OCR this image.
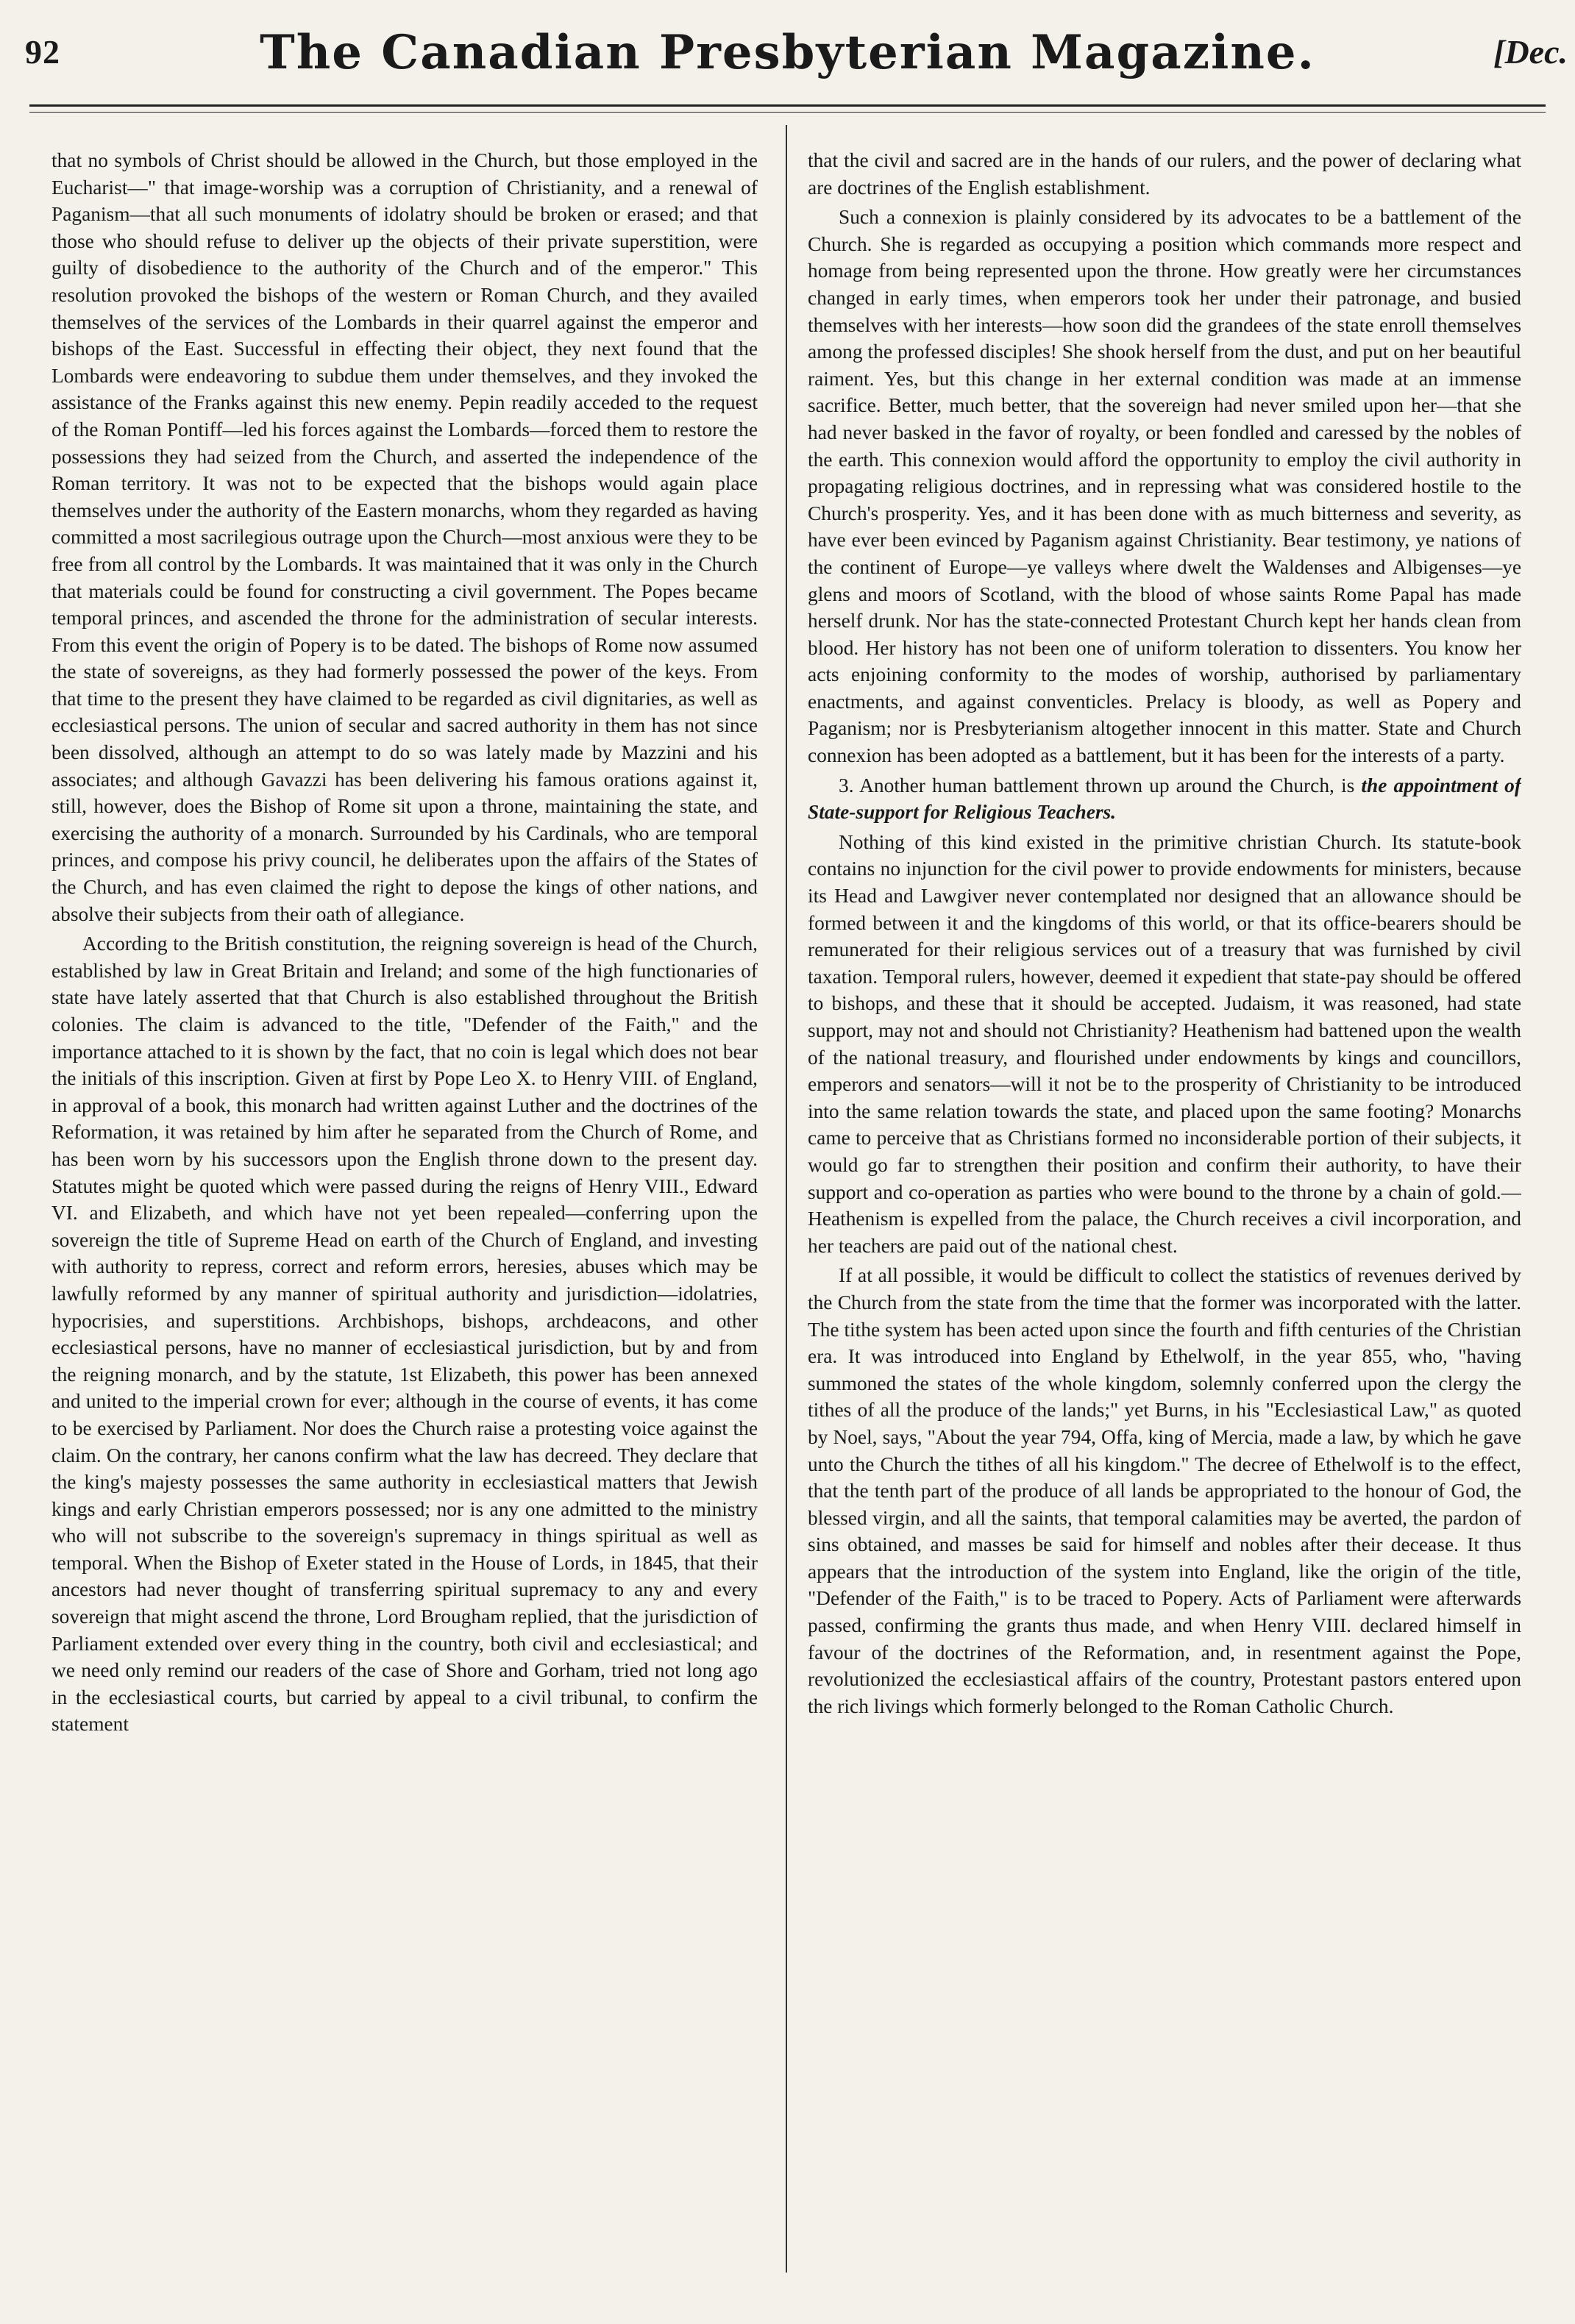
92	The Canadian Presbyterian Magazine.	[Dec.

that no symbols of Christ should be allowed in the Church, but those employed in the Eucharist—" that image-worship was a corruption of Christianity, and a renewal of Paganism—that all such monuments of idolatry should be broken or erased; and that those who should refuse to deliver up the objects of their private superstition, were guilty of disobedience to the authority of the Church and of the emperor." This resolution provoked the bishops of the western or Roman Church, and they availed themselves of the services of the Lombards in their quarrel against the emperor and bishops of the East. Successful in effecting their object, they next found that the Lombards were endeavoring to subdue them under themselves, and they invoked the assistance of the Franks against this new enemy. Pepin readily acceded to the request of the Roman Pontiff—led his forces against the Lombards—forced them to restore the possessions they had seized from the Church, and asserted the independence of the Roman territory. It was not to be expected that the bishops would again place themselves under the authority of the Eastern monarchs, whom they regarded as having committed a most sacrilegious outrage upon the Church—most anxious were they to be free from all control by the Lombards. It was maintained that it was only in the Church that materials could be found for constructing a civil government. The Popes became temporal princes, and ascended the throne for the administration of secular interests. From this event the origin of Popery is to be dated. The bishops of Rome now assumed the state of sovereigns, as they had formerly possessed the power of the keys. From that time to the present they have claimed to be regarded as civil dignitaries, as well as ecclesiastical persons. The union of secular and sacred authority in them has not since been dissolved, although an attempt to do so was lately made by Mazzini and his associates; and although Gavazzi has been delivering his famous orations against it, still, however, does the Bishop of Rome sit upon a throne, maintaining the state, and exercising the authority of a monarch. Surrounded by his Cardinals, who are temporal princes, and compose his privy council, he deliberates upon the affairs of the States of the Church, and has even claimed the right to depose the kings of other nations, and absolve their subjects from their oath of allegiance.

According to the British constitution, the reigning sovereign is head of the Church, established by law in Great Britain and Ireland; and some of the high functionaries of state have lately asserted that that Church is also established throughout the British colonies. The claim is advanced to the title, "Defender of the Faith," and the importance attached to it is shown by the fact, that no coin is legal which does not bear the initials of this inscription. Given at first by Pope Leo X. to Henry VIII. of England, in approval of a book, this monarch had written against Luther and the doctrines of the Reformation, it was retained by him after he separated from the Church of Rome, and has been worn by his successors upon the English throne down to the present day. Statutes might be quoted which were passed during the reigns of Henry VIII., Edward VI. and Elizabeth, and which have not yet been repealed—conferring upon the sovereign the title of Supreme Head on earth of the Church of England, and investing with authority to repress, correct and reform errors, heresies, abuses which may be lawfully reformed by any manner of spiritual authority and jurisdiction—idolatries, hypocrisies, and superstitions. Archbishops, bishops, archdeacons, and other ecclesiastical persons, have no manner of ecclesiastical jurisdiction, but by and from the reigning monarch, and by the statute, 1st Elizabeth, this power has been annexed and united to the imperial crown for ever; although in the course of events, it has come to be exercised by Parliament. Nor does the Church raise a protesting voice against the claim. On the contrary, her canons confirm what the law has decreed. They declare that the king's majesty possesses the same authority in ecclesiastical matters that Jewish kings and early Christian emperors possessed; nor is any one admitted to the ministry who will not subscribe to the sovereign's supremacy in things spiritual as well as temporal. When the Bishop of Exeter stated in the House of Lords, in 1845, that their ancestors had never thought of transferring spiritual supremacy to any and every sovereign that might ascend the throne, Lord Brougham replied, that the jurisdiction of Parliament extended over every thing in the country, both civil and ecclesiastical; and we need only remind our readers of the case of Shore and Gorham, tried not long ago in the ecclesiastical courts, but carried by appeal to a civil tribunal, to confirm the statement

that the civil and sacred are in the hands of our rulers, and the power of declaring what are doctrines of the English establishment.

Such a connexion is plainly considered by its advocates to be a battlement of the Church. She is regarded as occupying a position which commands more respect and homage from being represented upon the throne. How greatly were her circumstances changed in early times, when emperors took her under their patronage, and busied themselves with her interests—how soon did the grandees of the state enroll themselves among the professed disciples! She shook herself from the dust, and put on her beautiful raiment. Yes, but this change in her external condition was made at an immense sacrifice. Better, much better, that the sovereign had never smiled upon her—that she had never basked in the favor of royalty, or been fondled and caressed by the nobles of the earth. This connexion would afford the opportunity to employ the civil authority in propagating religious doctrines, and in repressing what was considered hostile to the Church's prosperity. Yes, and it has been done with as much bitterness and severity, as have ever been evinced by Paganism against Christianity. Bear testimony, ye nations of the continent of Europe—ye valleys where dwelt the Waldenses and Albigenses—ye glens and moors of Scotland, with the blood of whose saints Rome Papal has made herself drunk. Nor has the state-connected Protestant Church kept her hands clean from blood. Her history has not been one of uniform toleration to dissenters. You know her acts enjoining conformity to the modes of worship, authorised by parliamentary enactments, and against conventicles. Prelacy is bloody, as well as Popery and Paganism; nor is Presbyterianism altogether innocent in this matter. State and Church connexion has been adopted as a battlement, but it has been for the interests of a party.

3. Another human battlement thrown up around the Church, is the appointment of State-support for Religious Teachers.

Nothing of this kind existed in the primitive christian Church. Its statute-book contains no injunction for the civil power to provide endowments for ministers, because its Head and Lawgiver never contemplated nor designed that an allowance should be formed between it and the kingdoms of this world, or that its office-bearers should be remunerated for their religious services out of a treasury that was furnished by civil taxation. Temporal rulers, however, deemed it expedient that state-pay should be offered to bishops, and these that it should be accepted. Judaism, it was reasoned, had state support, may not and should not Christianity? Heathenism had battened upon the wealth of the national treasury, and flourished under endowments by kings and councillors, emperors and senators—will it not be to the prosperity of Christianity to be introduced into the same relation towards the state, and placed upon the same footing? Monarchs came to perceive that as Christians formed no inconsiderable portion of their subjects, it would go far to strengthen their position and confirm their authority, to have their support and co-operation as parties who were bound to the throne by a chain of gold.—Heathenism is expelled from the palace, the Church receives a civil incorporation, and her teachers are paid out of the national chest.

If at all possible, it would be difficult to collect the statistics of revenues derived by the Church from the state from the time that the former was incorporated with the latter. The tithe system has been acted upon since the fourth and fifth centuries of the Christian era. It was introduced into England by Ethelwolf, in the year 855, who, "having summoned the states of the whole kingdom, solemnly conferred upon the clergy the tithes of all the produce of the lands;" yet Burns, in his "Ecclesiastical Law," as quoted by Noel, says, "About the year 794, Offa, king of Mercia, made a law, by which he gave unto the Church the tithes of all his kingdom." The decree of Ethelwolf is to the effect, that the tenth part of the produce of all lands be appropriated to the honour of God, the blessed virgin, and all the saints, that temporal calamities may be averted, the pardon of sins obtained, and masses be said for himself and nobles after their decease. It thus appears that the introduction of the system into England, like the origin of the title, "Defender of the Faith," is to be traced to Popery. Acts of Parliament were afterwards passed, confirming the grants thus made, and when Henry VIII. declared himself in favour of the doctrines of the Reformation, and, in resentment against the Pope, revolutionized the ecclesiastical affairs of the country, Protestant pastors entered upon the rich livings which formerly belonged to the Roman Catholic Church.
